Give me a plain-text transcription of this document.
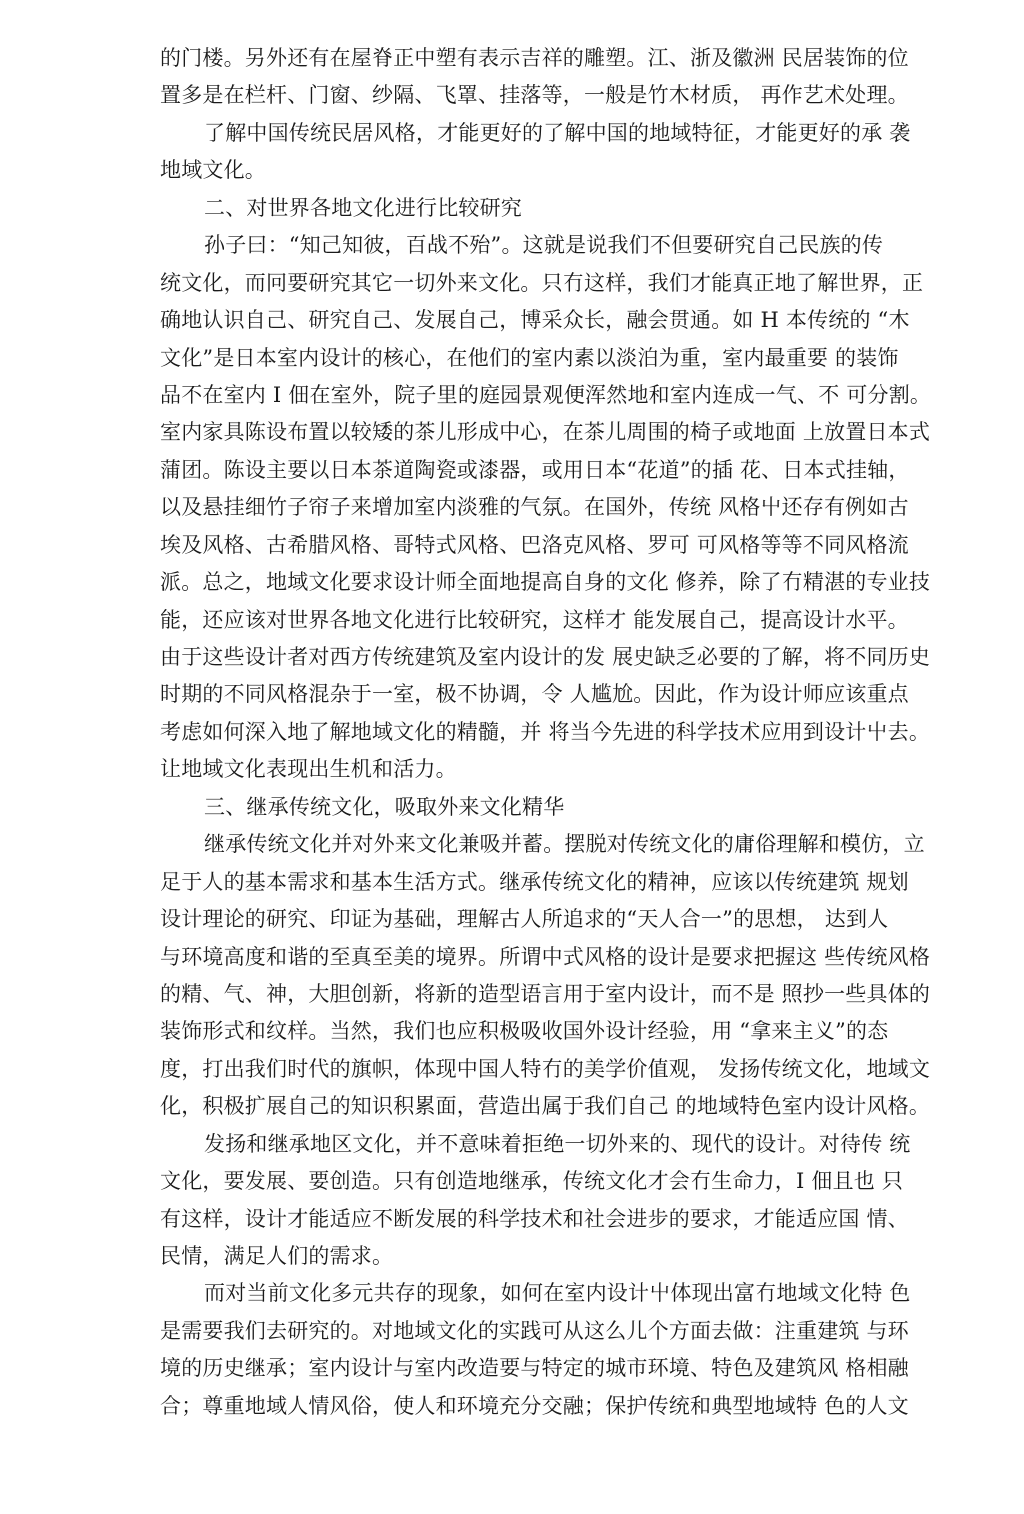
的门楼。另外还有在屋脊正中塑有表示吉祥的雕塑。江、浙及徽洲 民居装饰的位
置多是在栏杆、门窗、纱隔、飞罩、挂落等，一般是竹木材质， 再作艺术处理。
了解中国传统民居风格，才能更好的了解中国的地域特征，才能更好的承 袭
地域文化。
二、对世界各地文化进行比较研究
孙子曰：“知己知彼，百战不殆”。这就是说我们不但要研究自己民族的传
统文化，而冋要研究其它一切外来文化。只冇这样，我们才能真正地了解世界，正
确地认识自己、研究自己、发展自己，博采众长，融会贯通。如 H 本传统的 “木
文化”是日本室内设计的核心，在他们的室内素以淡泊为重，室内最重要 的装饰
品不在室内 I 佃在室外，院子里的庭园景观便浑然地和室内连成一气、不 可分割。
室内家具陈设布置以较矮的茶儿形成中心，在茶儿周围的椅子或地面 上放置日本式
蒲团。陈设主要以日本茶道陶瓷或漆器，或用日本“花道”的插 花、日本式挂轴，
以及悬挂细竹子帘子来增加室内淡雅的气氛。在国外，传统 风格屮还存有例如古
埃及风格、古希腊风格、哥特式风格、巴洛克风格、罗可 可风格等等不同风格流
派。总之，地域文化要求设计师全面地提高自身的文化 修养，除了冇精湛的专业技
能，还应该对世界各地文化进行比较研究，这样才 能发展自己，提高设计水平。
由于这些设计者对西方传统建筑及室内设计的发 展史缺乏必要的了解，将不同历史
时期的不同风格混杂于一室，极不协调，令 人尴尬。因此，作为设计师应该重点
考虑如何深入地了解地域文化的精髓，并 将当今先进的科学技术应用到设计屮去。
让地域文化表现出生机和活力。
三、继承传统文化，吸取外来文化精华
继承传统文化并对外来文化兼吸并蓄。摆脱对传统文化的庸俗理解和模仿，立
足于人的基本需求和基本生活方式。继承传统文化的精神，应该以传统建筑 规划
设计理论的研究、印证为基础，理解古人所追求的“天人合一”的思想， 达到人
与环境高度和谐的至真至美的境界。所谓中式风格的设计是要求把握这 些传统风格
的精、气、神，大胆创新，将新的造型语言用于室内设计，而不是 照抄一些具体的
装饰形式和纹样。当然，我们也应积极吸收国外设计经验，用 “拿来主义”的态
度，打出我们时代的旗帜，体现中国人特冇的美学价值观， 发扬传统文化，地域文
化，积极扩展自己的知识积累面，营造出属于我们自己 的地域特色室内设计风格。
发扬和继承地区文化，并不意味着拒绝一切外来的、现代的设计。对待传 统
文化，要发展、要创造。只有创造地继承，传统文化才会冇生命力，I 佃且也 只
有这样，设计才能适应不断发展的科学技术和社会进步的要求，才能适应国 情、
民情，满足人们的需求。
而对当前文化多元共存的现象，如何在室内设计屮体现出富冇地域文化特 色
是需要我们去研究的。对地域文化的实践可从这么儿个方面去做：注重建筑 与环
境的历史继承；室内设计与室内改造要与特定的城市环境、特色及建筑风 格相融
合；尊重地域人情风俗，使人和环境充分交融；保护传统和典型地域特 色的人文
